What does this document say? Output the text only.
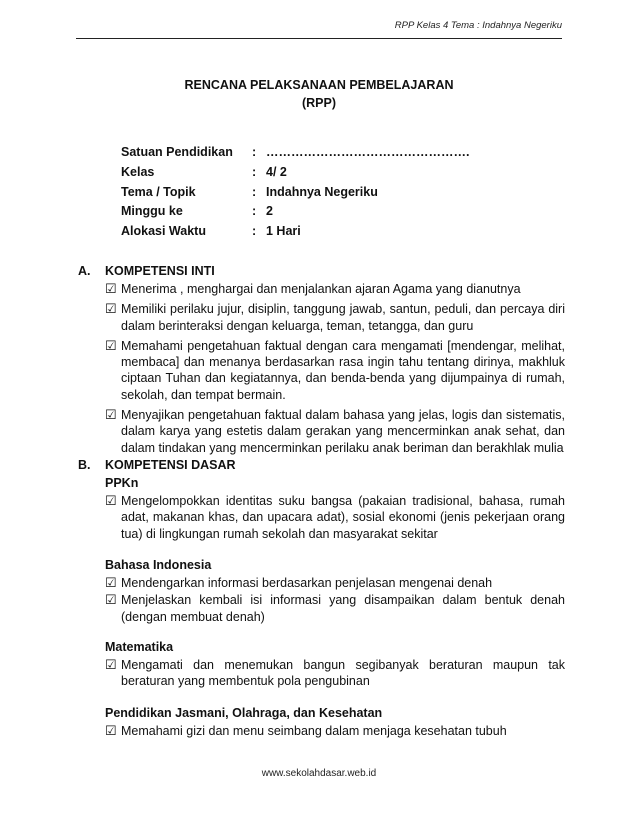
RPP Kelas 4 Tema : Indahnya Negeriku
RENCANA PELAKSANAAN PEMBELAJARAN
(RPP)
Satuan Pendidikan	: ………………………………………….
Kelas	: 4/ 2
Tema / Topik	: Indahnya Negeriku
Minggu ke	: 2
Alokasi Waktu	: 1 Hari
A. KOMPETENSI INTI
☑ Menerima , menghargai dan menjalankan ajaran Agama yang dianutnya
☑ Memiliki perilaku jujur, disiplin, tanggung jawab, santun, peduli, dan percaya diri dalam berinteraksi dengan keluarga, teman, tetangga, dan guru
☑ Memahami pengetahuan faktual dengan cara mengamati [mendengar, melihat, membaca] dan menanya berdasarkan rasa ingin tahu tentang dirinya, makhluk ciptaan Tuhan dan kegiatannya, dan benda-benda yang dijumpainya di rumah, sekolah, dan tempat bermain.
☑ Menyajikan pengetahuan faktual dalam bahasa yang jelas, logis dan sistematis, dalam karya yang estetis dalam gerakan yang mencerminkan anak sehat, dan dalam tindakan yang mencerminkan perilaku anak beriman dan berakhlak mulia
B. KOMPETENSI DASAR
PPKn
☑ Mengelompokkan identitas suku bangsa (pakaian tradisional, bahasa, rumah adat, makanan khas, dan upacara adat), sosial ekonomi (jenis pekerjaan orang tua) di lingkungan rumah sekolah dan masyarakat sekitar
Bahasa Indonesia
☑ Mendengarkan informasi berdasarkan penjelasan mengenai denah
☑ Menjelaskan kembali isi informasi yang disampaikan dalam bentuk denah (dengan membuat denah)
Matematika
☑ Mengamati dan menemukan bangun segibanyak beraturan maupun tak beraturan yang membentuk pola pengubinan
Pendidikan Jasmani, Olahraga, dan Kesehatan
☑ Memahami gizi dan menu seimbang dalam menjaga kesehatan tubuh
www.sekolahdasar.web.id
